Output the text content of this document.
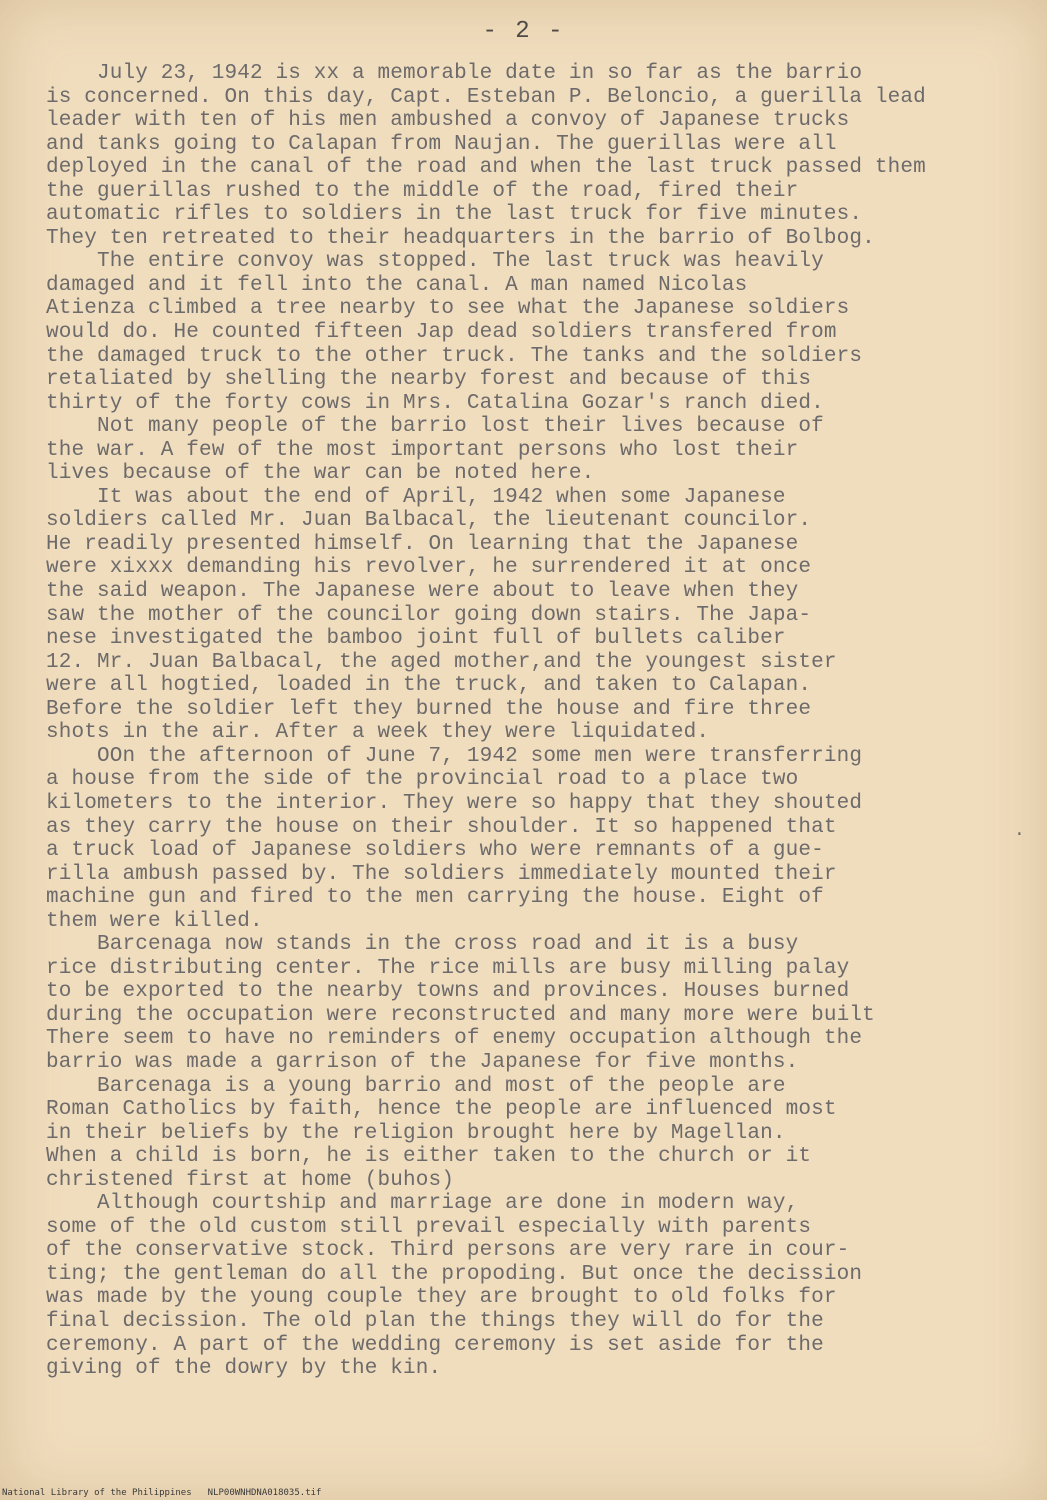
- 2 -
July 23, 1942 is xx a memorable date in so far as the barrio
is concerned. On this day, Capt. Esteban P. Beloncio, a guerilla lead
leader with ten of his men ambushed a convoy of Japanese trucks
and tanks going to Calapan from Naujan. The guerillas were all
deployed in the canal of the road and when the last truck passed them
the guerillas rushed to the middle of the road, fired their
automatic rifles to soldiers in the last truck for five minutes.
They ten retreated to their headquarters in the barrio of Bolbog.
The entire convoy was stopped. The last truck was heavily
damaged and it fell into the canal. A man named Nicolas
Atienza climbed a tree nearby to see what the Japanese soldiers
would do. He counted fifteen Jap dead soldiers transfered from
the damaged truck to the other truck. The tanks and the soldiers
retaliated by shelling the nearby forest and because of this
thirty of the forty cows in Mrs. Catalina Gozar's ranch died.
Not many people of the barrio lost their lives because of
the war. A few of the most important persons who lost their
lives because of the war can be noted here.
It was about the end of April, 1942 when some Japanese
soldiers called Mr. Juan Balbacal, the lieutenant councilor.
He readily presented himself. On learning that the Japanese
were xixxx demanding his revolver, he surrendered it at once
the said weapon. The Japanese were about to leave when they
saw the mother of the councilor going down stairs. The Japa-
nese investigated the bamboo joint full of bullets caliber
12. Mr. Juan Balbacal, the aged mother,and the youngest sister
were all hogtied, loaded in the truck, and taken to Calapan.
Before the soldier left they burned the house and fire three
shots in the air. After a week they were liquidated.
OOn the afternoon of June 7, 1942 some men were transferring
a house from the side of the provincial road to a place two
kilometers to the interior. They were so happy that they shouted
as they carry the house on their shoulder. It so happened that
a truck load of Japanese soldiers who were remnants of a gue-
rilla ambush passed by. The soldiers immediately mounted their
machine gun and fired to the men carrying the house. Eight of
them were killed.
Barcenaga now stands in the cross road and it is a busy
rice distributing center. The rice mills are busy milling palay
to be exported to the nearby towns and provinces. Houses burned
during the occupation were reconstructed and many more were built
There seem to have no reminders of enemy occupation although the
barrio was made a garrison of the Japanese for five months.
Barcenaga is a young barrio and most of the people are
Roman Catholics by faith, hence the people are influenced most
in their beliefs by the religion brought here by Magellan.
When a child is born, he is either taken to the church or it
christened first at home (buhos)
Although courtship and marriage are done in modern way,
some of the old custom still prevail especially with parents
of the conservative stock. Third persons are very rare in cour-
ting; the gentleman do all the propoding. But once the decission
was made by the young couple they are brought to old folks for
final decission. The old plan the things they will do for the
ceremony. A part of the wedding ceremony is set aside for the
giving of the dowry by the kin.
.
National Library of the Philippines NLP00WNHDNA018035.tif
